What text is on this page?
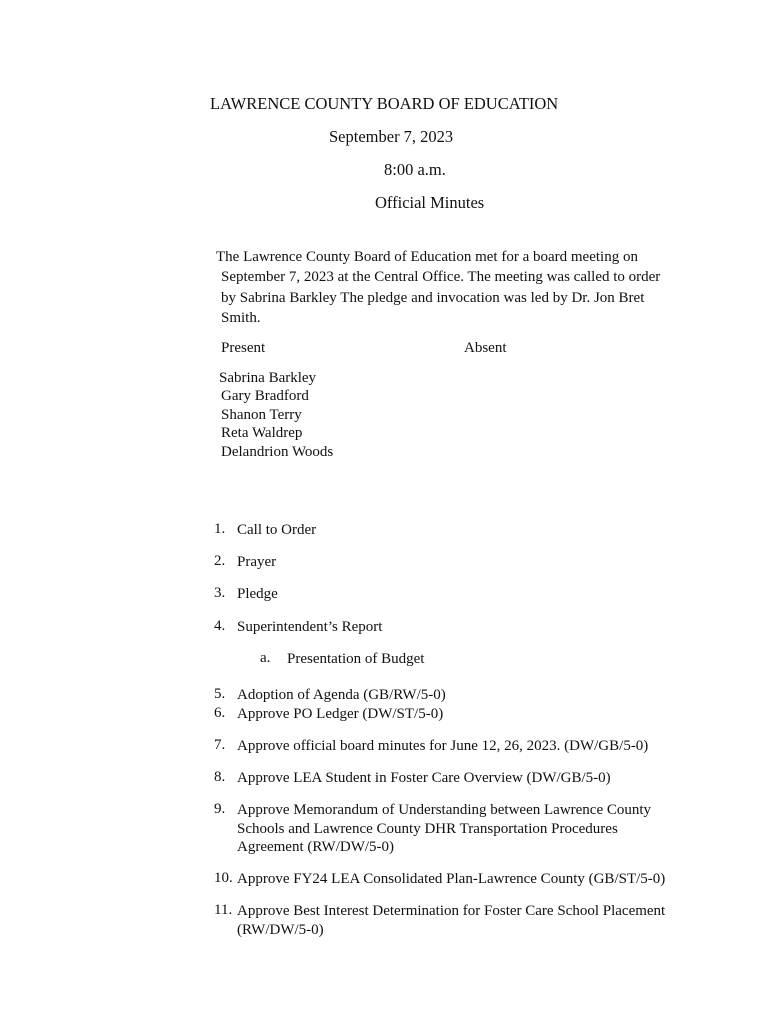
LAWRENCE COUNTY BOARD OF EDUCATION
September 7, 2023
8:00 a.m.
Official Minutes
The Lawrence County Board of Education met for a board meeting on
September 7, 2023 at the Central Office. The meeting was called to order
by Sabrina Barkley The pledge and invocation was led by Dr. Jon Bret
Smith.
Present	Absent
Sabrina Barkley
Gary Bradford
Shanon Terry
Reta Waldrep
Delandrion Woods
1. Call to Order
2. Prayer
3. Pledge
4. Superintendent’s Report
a. Presentation of Budget
5. Adoption of Agenda (GB/RW/5-0)
6. Approve PO Ledger (DW/ST/5-0)
7. Approve official board minutes for June 12, 26, 2023. (DW/GB/5-0)
8. Approve LEA Student in Foster Care Overview (DW/GB/5-0)
9. Approve Memorandum of Understanding between Lawrence County
Schools and Lawrence County DHR Transportation Procedures
Agreement (RW/DW/5-0)
10. Approve FY24 LEA Consolidated Plan-Lawrence County (GB/ST/5-0)
11. Approve Best Interest Determination for Foster Care School Placement
(RW/DW/5-0)
